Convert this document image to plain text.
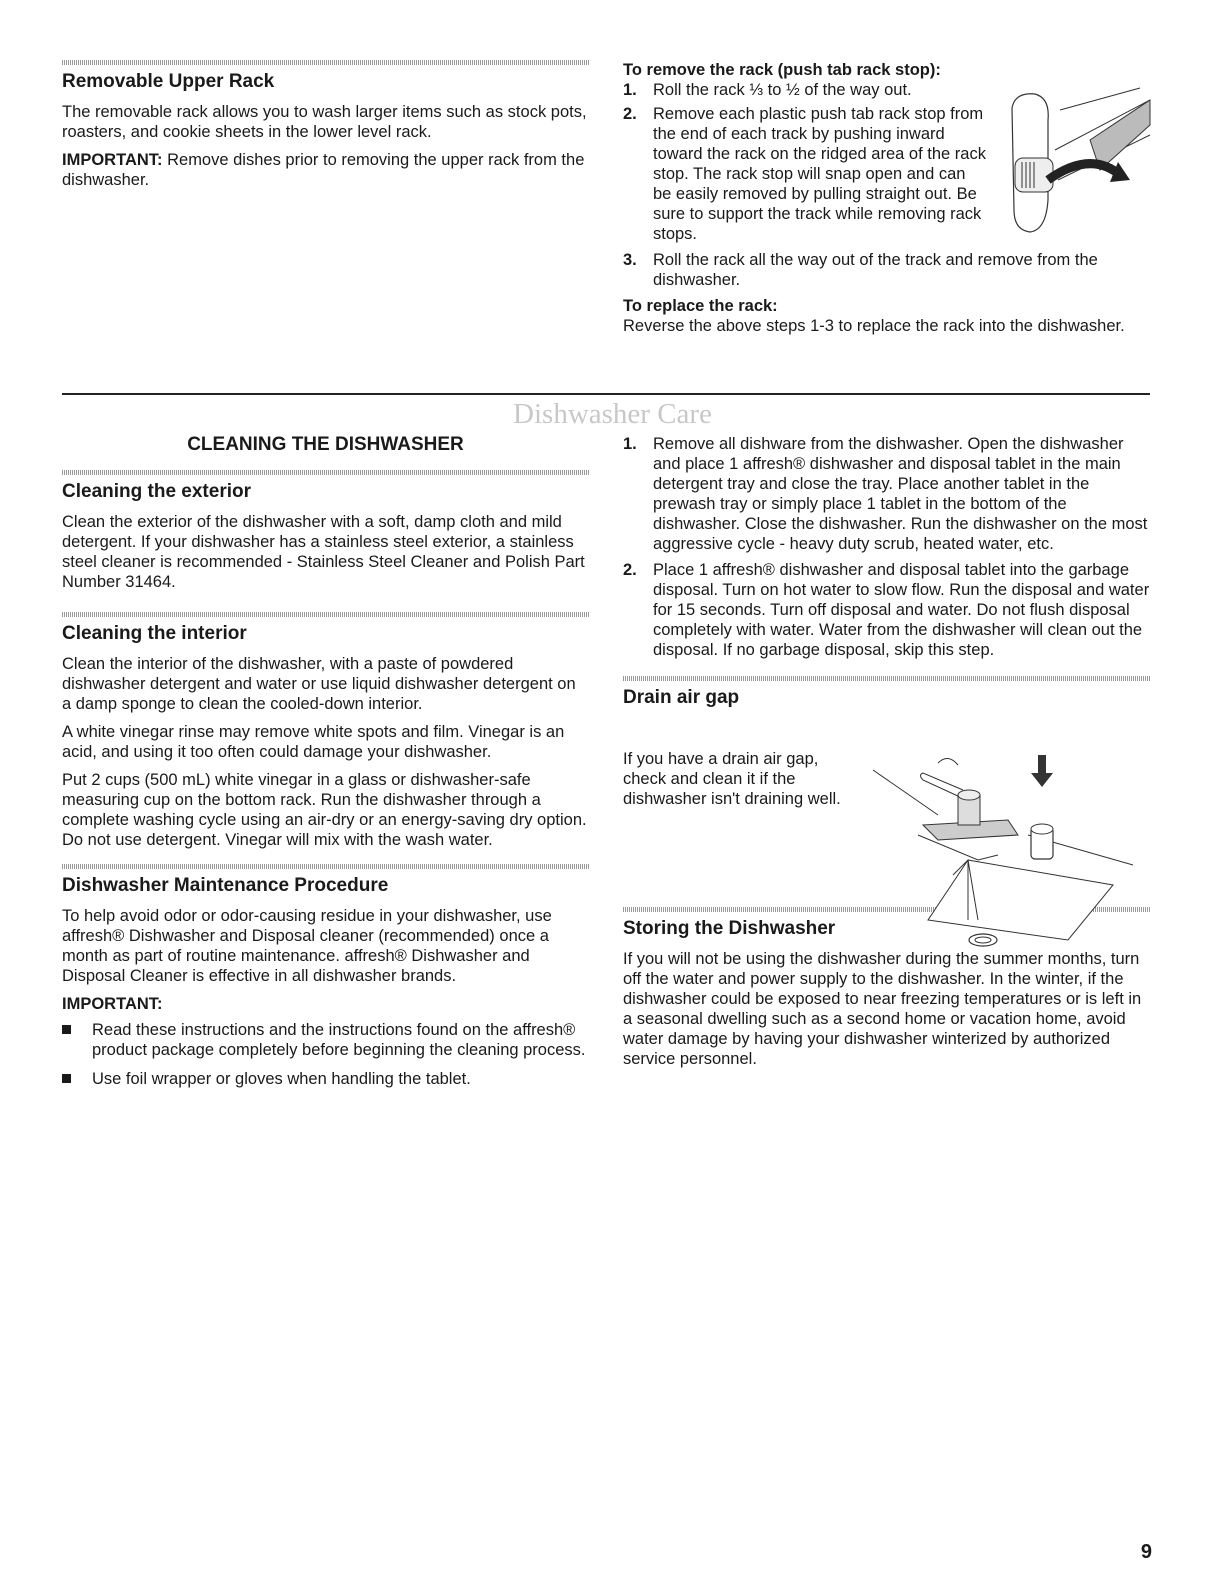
Removable Upper Rack

The removable rack allows you to wash larger items such as stock pots, roasters, and cookie sheets in the lower level rack.

IMPORTANT: Remove dishes prior to removing the upper rack from the dishwasher.

To remove the rack (push tab rack stop):
1. Roll the rack ⅓ to ½ of the way out.
2. Remove each plastic push tab rack stop from the end of each track by pushing inward toward the rack on the ridged area of the rack stop. The rack stop will snap open and can be easily removed by pulling straight out. Be sure to support the track while removing rack stops.
3. Roll the rack all the way out of the track and remove from the dishwasher.
To replace the rack:

Reverse the above steps 1-3 to replace the rack into the dishwasher.

Dishwasher Care
CLEANING THE DISHWASHER
Cleaning the exterior

Clean the exterior of the dishwasher with a soft, damp cloth and mild detergent. If your dishwasher has a stainless steel exterior, a stainless steel cleaner is recommended - Stainless Steel Cleaner and Polish Part Number 31464.

Cleaning the interior

Clean the interior of the dishwasher, with a paste of powdered dishwasher detergent and water or use liquid dishwasher detergent on a damp sponge to clean the cooled-down interior.

A white vinegar rinse may remove white spots and film. Vinegar is an acid, and using it too often could damage your dishwasher.

Put 2 cups (500 mL) white vinegar in a glass or dishwasher-safe measuring cup on the bottom rack. Run the dishwasher through a complete washing cycle using an air-dry or an energy-saving dry option. Do not use detergent. Vinegar will mix with the wash water.

Dishwasher Maintenance Procedure

To help avoid odor or odor-causing residue in your dishwasher, use affresh® Dishwasher and Disposal cleaner (recommended) once a month as part of routine maintenance. affresh® Dishwasher and Disposal Cleaner is effective in all dishwasher brands.

IMPORTANT:
Read these instructions and the instructions found on the affresh® product package completely before beginning the cleaning process.
Use foil wrapper or gloves when handling the tablet.
1. Remove all dishware from the dishwasher. Open the dishwasher and place 1 affresh® dishwasher and disposal tablet in the main detergent tray and close the tray. Place another tablet in the prewash tray or simply place 1 tablet in the bottom of the dishwasher. Close the dishwasher. Run the dishwasher on the most aggressive cycle - heavy duty scrub, heated water, etc.
2. Place 1 affresh® dishwasher and disposal tablet into the garbage disposal. Turn on hot water to slow flow. Run the disposal and water for 15 seconds. Turn off disposal and water. Do not flush disposal completely with water. Water from the dishwasher will clean out the disposal. If no garbage disposal, skip this step.
Drain air gap

If you have a drain air gap, check and clean it if the dishwasher isn't draining well.

Storing the Dishwasher

If you will not be using the dishwasher during the summer months, turn off the water and power supply to the dishwasher. In the winter, if the dishwasher could be exposed to near freezing temperatures or is left in a seasonal dwelling such as a second home or vacation home, avoid water damage by having your dishwasher winterized by authorized service personnel.

9
